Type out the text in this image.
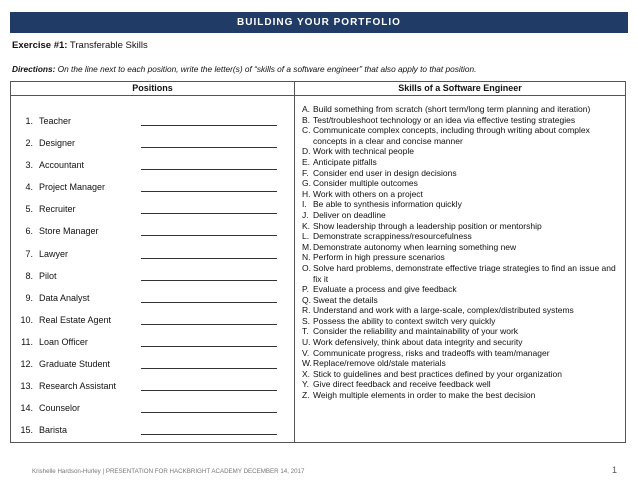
BUILDING YOUR PORTFOLIO
Exercise #1: Transferable Skills
Directions: On the line next to each position, write the letter(s) of “skills of a software engineer” that also apply to that position.
Positions	Skills of a Software Engineer
1. Teacher
2. Designer
3. Accountant
4. Project Manager
5. Recruiter
6. Store Manager
7. Lawyer
8. Pilot
9. Data Analyst
10. Real Estate Agent
11. Loan Officer
12. Graduate Student
13. Research Assistant
14. Counselor
15. Barista
A. Build something from scratch (short term/long term planning and iteration)
B. Test/troubleshoot technology or an idea via effective testing strategies
C. Communicate complex concepts, including through writing about complex concepts in a clear and concise manner
D. Work with technical people
E. Anticipate pitfalls
F. Consider end user in design decisions
G. Consider multiple outcomes
H. Work with others on a project
I. Be able to synthesis information quickly
J. Deliver on deadline
K. Show leadership through a leadership position or mentorship
L. Demonstrate scrappiness/resourcefulness
M. Demonstrate autonomy when learning something new
N. Perform in high pressure scenarios
O. Solve hard problems, demonstrate effective triage strategies to find an issue and fix it
P. Evaluate a process and give feedback
Q. Sweat the details
R. Understand and work with a large-scale, complex/distributed systems
S. Possess the ability to context switch very quickly
T. Consider the reliability and maintainability of your work
U. Work defensively, think about data integrity and security
V. Communicate progress, risks and tradeoffs with team/manager
W. Replace/remove old/stale materials
X. Stick to guidelines and best practices defined by your organization
Y. Give direct feedback and receive feedback well
Z. Weigh multiple elements in order to make the best decision
Krishelle Hardson-Hurley | PRESENTATION FOR HACKBRIGHT ACADEMY DECEMBER 14, 2017	1
